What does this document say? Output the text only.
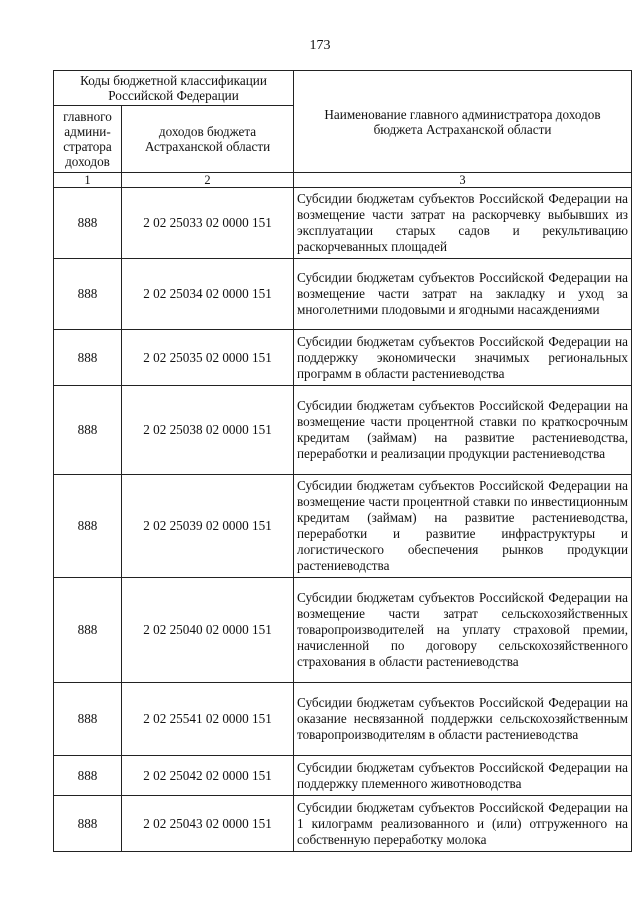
173
Коды бюджетной классификации Российской Федерации		Наименование главного администратора доходов бюджета Астраханской области
главного админи-стратора доходов	доходов бюджета Астраханской области	
1	2	3
888	2 02 25033 02 0000 151	Субсидии бюджетам субъектов Российской Федерации на возмещение части затрат на раскорчевку выбывших из эксплуатации старых садов и рекультивацию раскорчеванных площадей
888	2 02 25034 02 0000 151	Субсидии бюджетам субъектов Российской Федерации на возмещение части затрат на закладку и уход за многолетними плодовыми и ягодными насаждениями
888	2 02 25035 02 0000 151	Субсидии бюджетам субъектов Российской Федерации на поддержку экономически значимых региональных программ в области растениеводства
888	2 02 25038 02 0000 151	Субсидии бюджетам субъектов Российской Федерации на возмещение части процентной ставки по краткосрочным кредитам (займам) на развитие растениеводства, переработки и реализации продукции растениеводства
888	2 02 25039 02 0000 151	Субсидии бюджетам субъектов Российской Федерации на возмещение части процентной ставки по инвестиционным кредитам (займам) на развитие растениеводства, переработки и развитие инфраструктуры и логистического обеспечения рынков продукции растениеводства
888	2 02 25040 02 0000 151	Субсидии бюджетам субъектов Российской Федерации на возмещение части затрат сельскохозяйственных товаропроизводителей на уплату страховой премии, начисленной по договору сельскохозяйственного страхования в области растениеводства
888	2 02 25541 02 0000 151	Субсидии бюджетам субъектов Российской Федерации на оказание несвязанной поддержки сельскохозяйственным товаропроизводителям в области растениеводства
888	2 02 25042 02 0000 151	Субсидии бюджетам субъектов Российской Федерации на поддержку племенного животноводства
888	2 02 25043 02 0000 151	Субсидии бюджетам субъектов Российской Федерации на 1 килограмм реализованного и (или) отгруженного на собственную переработку молока
